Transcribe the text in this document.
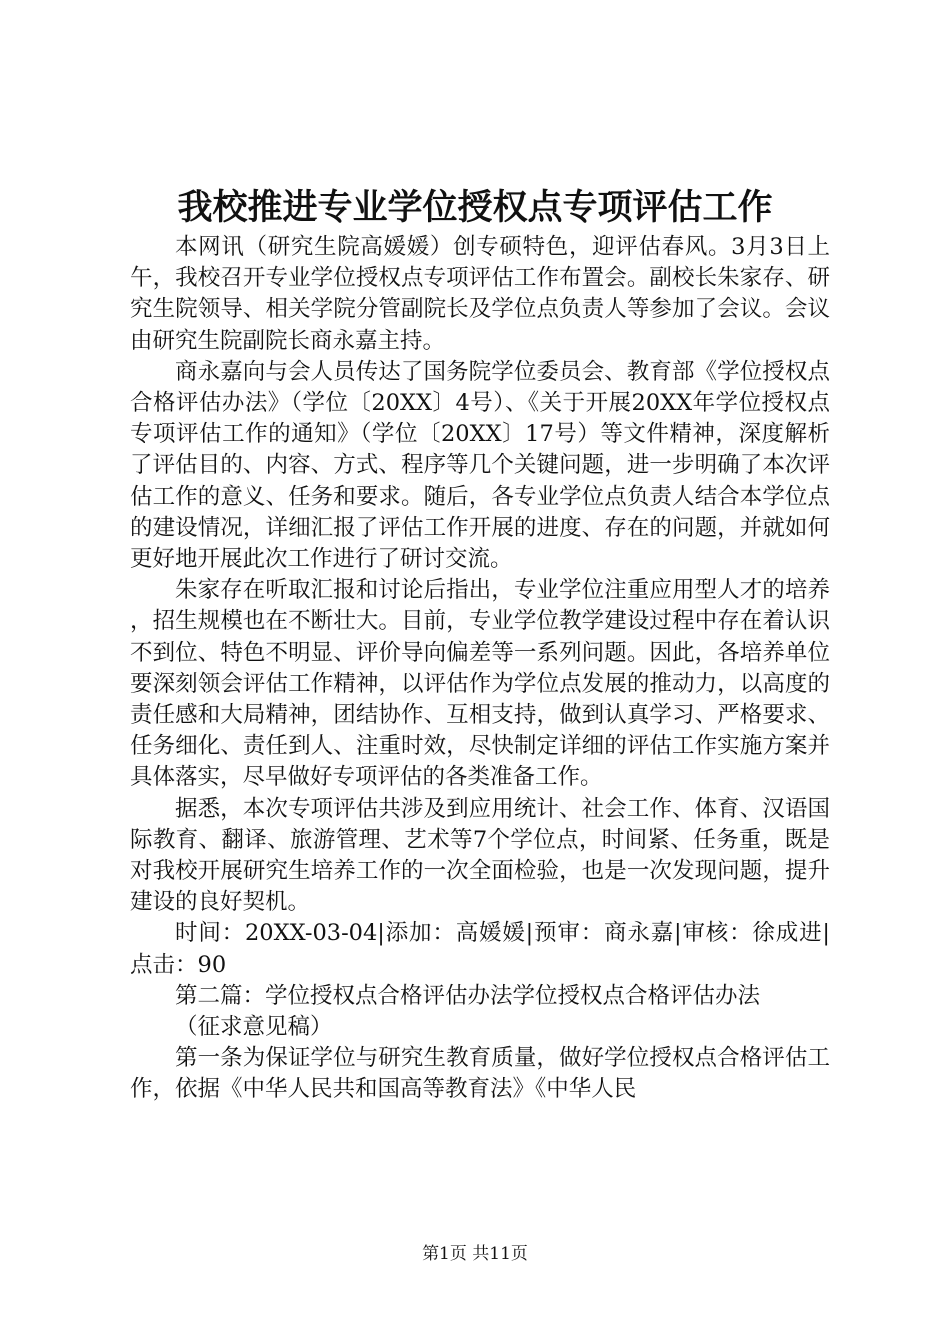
我校推进专业学位授权点专项评估工作

本网讯（研究生院高媛媛）创专硕特色，迎评估春风。3月3日上午，我校召开专业学位授权点专项评估工作布置会。副校长朱家存、研究生院领导、相关学院分管副院长及学位点负责人等参加了会议。会议由研究生院副院长商永嘉主持。

商永嘉向与会人员传达了国务院学位委员会、教育部《学位授权点合格评估办法》（学位〔20XX〕4号）、《关于开展20XX年学位授权点专项评估工作的通知》（学位〔20XX〕17号）等文件精神，深度解析了评估目的、内容、方式、程序等几个关键问题，进一步明确了本次评估工作的意义、任务和要求。随后，各专业学位点负责人结合本学位点的建设情况，详细汇报了评估工作开展的进度、存在的问题，并就如何更好地开展此次工作进行了研讨交流。

朱家存在听取汇报和讨论后指出，专业学位注重应用型人才的培养，招生规模也在不断壮大。目前，专业学位教学建设过程中存在着认识不到位、特色不明显、评价导向偏差等一系列问题。因此，各培养单位要深刻领会评估工作精神，以评估作为学位点发展的推动力，以高度的责任感和大局精神，团结协作、互相支持，做到认真学习、严格要求、任务细化、责任到人、注重时效，尽快制定详细的评估工作实施方案并具体落实，尽早做好专项评估的各类准备工作。

据悉，本次专项评估共涉及到应用统计、社会工作、体育、汉语国际教育、翻译、旅游管理、艺术等7个学位点，时间紧、任务重，既是对我校开展研究生培养工作的一次全面检验，也是一次发现问题，提升建设的良好契机。

时间：20XX-03-04|添加：高媛媛|预审：商永嘉|审核：徐成进|点击：90

第二篇：学位授权点合格评估办法学位授权点合格评估办法

（征求意见稿）

第一条为保证学位与研究生教育质量，做好学位授权点合格评估工作，依据《中华人民共和国高等教育法》《中华人民

第1页 共11页
